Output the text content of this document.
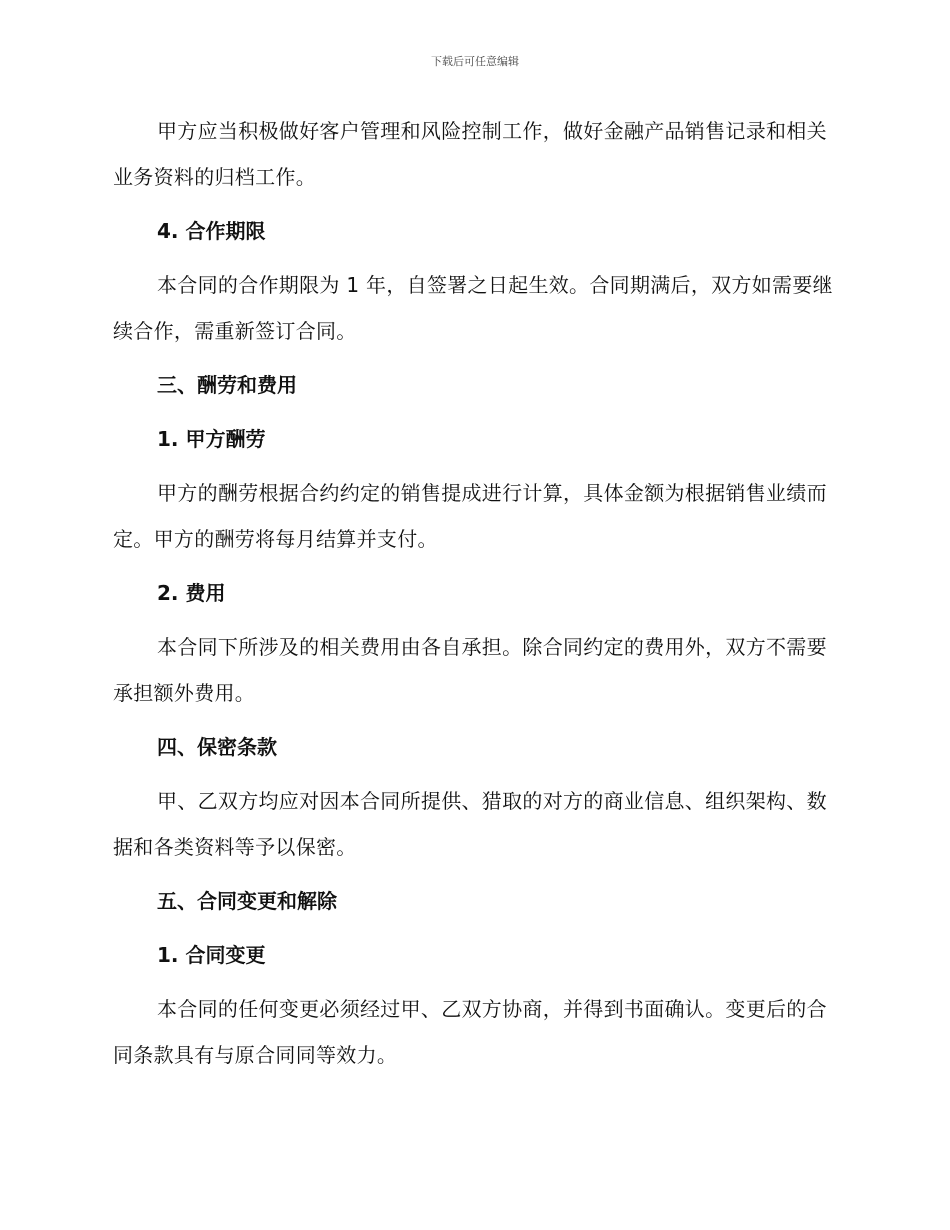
下载后可任意编辑

甲方应当积极做好客户管理和风险控制工作，做好金融产品销售记录和相关业务资料的归档工作。

4. 合作期限

本合同的合作期限为 1 年，自签署之日起生效。合同期满后，双方如需要继续合作，需重新签订合同。

三、酬劳和费用

1. 甲方酬劳

甲方的酬劳根据合约约定的销售提成进行计算，具体金额为根据销售业绩而定。甲方的酬劳将每月结算并支付。

2. 费用

本合同下所涉及的相关费用由各自承担。除合同约定的费用外，双方不需要承担额外费用。

四、保密条款

甲、乙双方均应对因本合同所提供、猎取的对方的商业信息、组织架构、数据和各类资料等予以保密。

五、合同变更和解除

1. 合同变更

本合同的任何变更必须经过甲、乙双方协商，并得到书面确认。变更后的合同条款具有与原合同同等效力。
